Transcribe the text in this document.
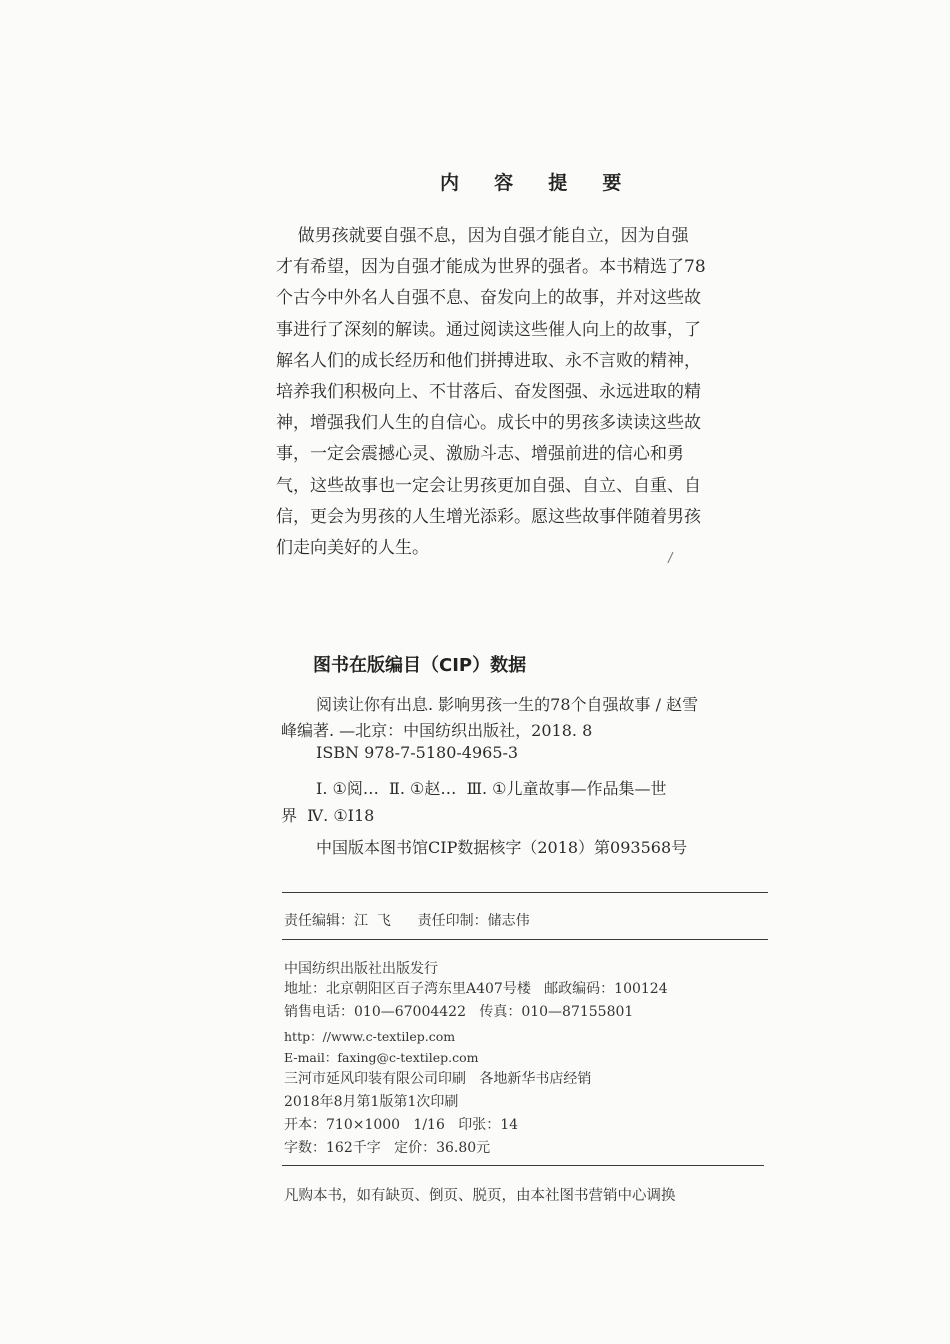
内 容 提 要
做男孩就要自强不息，因为自强才能自立，因为自强
才有希望，因为自强才能成为世界的强者。本书精选了78
个古今中外名人自强不息、奋发向上的故事，并对这些故
事进行了深刻的解读。通过阅读这些催人向上的故事，了
解名人们的成长经历和他们拼搏进取、永不言败的精神，
培养我们积极向上、不甘落后、奋发图强、永远进取的精
神，增强我们人生的自信心。成长中的男孩多读读这些故
事，一定会震撼心灵、激励斗志、增强前进的信心和勇
气，这些故事也一定会让男孩更加自强、自立、自重、自
信，更会为男孩的人生增光添彩。愿这些故事伴随着男孩
们走向美好的人生。
/
图书在版编目（CIP）数据
阅读让你有出息. 影响男孩一生的78个自强故事 / 赵雪
峰编著. —北京：中国纺织出版社，2018. 8
ISBN 978-7-5180-4965-3
Ⅰ. ①阅…  Ⅱ. ①赵…  Ⅲ. ①儿童故事—作品集—世
界  Ⅳ. ①I18
中国版本图书馆CIP数据核字（2018）第093568号
责任编辑：江  飞      责任印制：储志伟
中国纺织出版社出版发行
地址：北京朝阳区百子湾东里A407号楼   邮政编码：100124
销售电话：010—67004422   传真：010—87155801
http：//www.c-textilep.com
E-mail：faxing@c-textilep.com
三河市延风印装有限公司印刷   各地新华书店经销
2018年8月第1版第1次印刷
开本：710×1000   1/16   印张：14
字数：162千字   定价：36.80元
凡购本书，如有缺页、倒页、脱页，由本社图书营销中心调换
